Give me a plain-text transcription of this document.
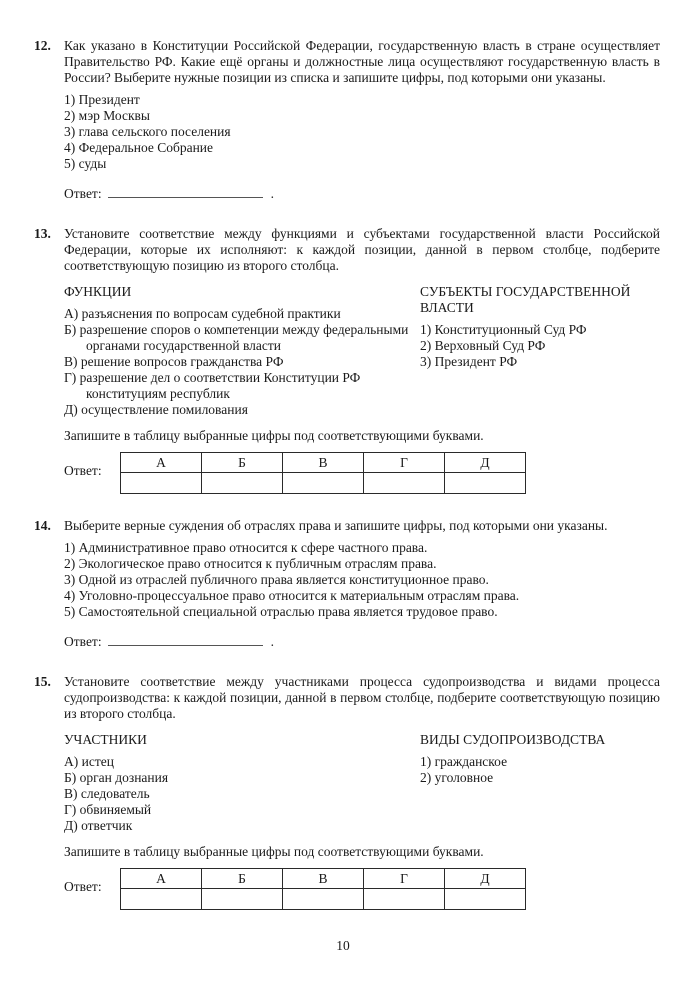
12. Как указано в Конституции Российской Федерации, государственную власть в стране осуществляет Правительство РФ. Какие ещё органы и должностные лица осуществляют государственную власть в России? Выберите нужные позиции из списка и запишите цифры, под которыми они указаны.

1) Президент
2) мэр Москвы
3) глава сельского поселения
4) Федеральное Собрание
5) суды
Ответ:	.
13. Установите соответствие между функциями и субъектами государственной власти Российской Федерации, которые их исполняют: к каждой позиции, данной в первом столбце, подберите соответствующую позицию из второго столбца.

ФУНКЦИИ

А) разъяснения по вопросам судебной практики
Б) разрешение споров о компетенции между федеральными органами государственной власти
В) решение вопросов гражданства РФ
Г) разрешение дел о соответствии Конституции РФ конституциям республик
Д) осуществление помилования

СУБЪЕКТЫ ГОСУДАРСТВЕННОЙ ВЛАСТИ

1) Конституционный Суд РФ
2) Верховный Суд РФ
3) Президент РФ
Запишите в таблицу выбранные цифры под соответствующими буквами.
Ответ:
А	Б	В	Г	Д

14. Выберите верные суждения об отраслях права и запишите цифры, под которыми они указаны.

1) Административное право относится к сфере частного права.
2) Экологическое право относится к публичным отраслям права.
3) Одной из отраслей публичного права является конституционное право.
4) Уголовно-процессуальное право относится к материальным отраслям права.
5) Самостоятельной специальной отраслью права является трудовое право.
Ответ:	.
15. Установите соответствие между участниками процесса судопроизводства и видами процесса судопроизводства: к каждой позиции, данной в первом столбце, подберите соответствующую позицию из второго столбца.

УЧАСТНИКИ

А) истец
Б) орган дознания
В) следователь
Г) обвиняемый
Д) ответчик

ВИДЫ СУДОПРОИЗВОДСТВА

1) гражданское
2) уголовное
Запишите в таблицу выбранные цифры под соответствующими буквами.
Ответ:
А	Б	В	Г	Д

10
